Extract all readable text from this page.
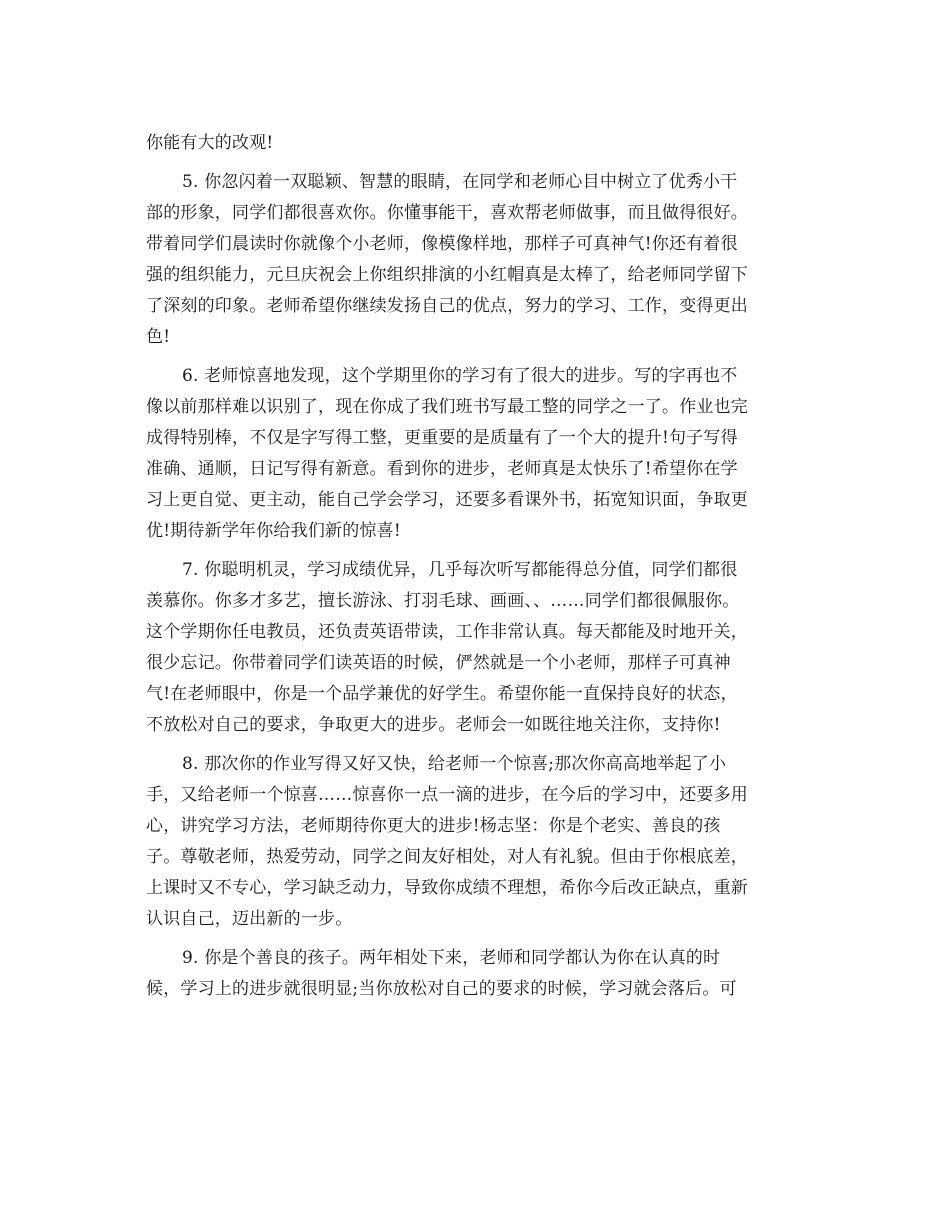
你能有大的改观!
5. 你忽闪着一双聪颖、智慧的眼睛，在同学和老师心目中树立了优秀小干
部的形象，同学们都很喜欢你。你懂事能干，喜欢帮老师做事，而且做得很好。
带着同学们晨读时你就像个小老师，像模像样地，那样子可真神气!你还有着很
强的组织能力，元旦庆祝会上你组织排演的小红帽真是太棒了，给老师同学留下
了深刻的印象。老师希望你继续发扬自己的优点，努力的学习、工作，变得更出
色!
6. 老师惊喜地发现，这个学期里你的学习有了很大的进步。写的字再也不
像以前那样难以识别了，现在你成了我们班书写最工整的同学之一了。作业也完
成得特别棒，不仅是字写得工整，更重要的是质量有了一个大的提升!句子写得
准确、通顺，日记写得有新意。看到你的进步，老师真是太快乐了!希望你在学
习上更自觉、更主动，能自己学会学习，还要多看课外书，拓宽知识面，争取更
优!期待新学年你给我们新的惊喜!
7. 你聪明机灵，学习成绩优异，几乎每次听写都能得总分值，同学们都很
羡慕你。你多才多艺，擅长游泳、打羽毛球、画画、、……同学们都很佩服你。
这个学期你任电教员，还负责英语带读，工作非常认真。每天都能及时地开关，
很少忘记。你带着同学们读英语的时候，俨然就是一个小老师，那样子可真神
气!在老师眼中，你是一个品学兼优的好学生。希望你能一直保持良好的状态，
不放松对自己的要求，争取更大的进步。老师会一如既往地关注你，支持你!
8. 那次你的作业写得又好又快，给老师一个惊喜;那次你高高地举起了小
手，又给老师一个惊喜……惊喜你一点一滴的进步，在今后的学习中，还要多用
心，讲究学习方法，老师期待你更大的进步!杨志坚：你是个老实、善良的孩
子。尊敬老师，热爱劳动，同学之间友好相处，对人有礼貌。但由于你根底差，
上课时又不专心，学习缺乏动力，导致你成绩不理想，希你今后改正缺点，重新
认识自己，迈出新的一步。
9. 你是个善良的孩子。两年相处下来，老师和同学都认为你在认真的时
候，学习上的进步就很明显;当你放松对自己的要求的时候，学习就会落后。可
